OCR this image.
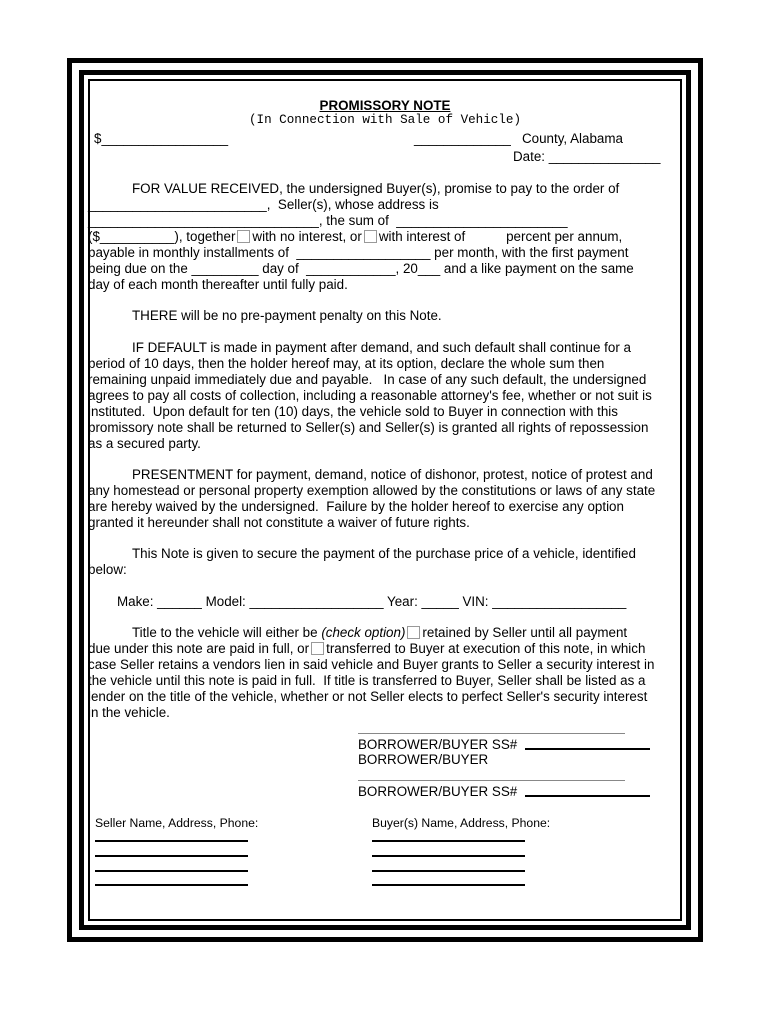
PROMISSORY NOTE
(In Connection with Sale of Vehicle)
$_________________	_____________   County, Alabama
Date: _______________
FOR VALUE RECEIVED, the undersigned Buyer(s), promise to pay to the order of
________________________,  Seller(s), whose address is
_______________________________, the sum of  _______________________
($__________), together with no interest, or with interest of           percent per annum,
payable in monthly installments of  __________________ per month, with the first payment
being due on the _________ day of  ____________, 20___ and a like payment on the same
day of each month thereafter until fully paid.
THERE will be no pre-payment penalty on this Note.
IF DEFAULT is made in payment after demand, and such default shall continue for a
period of 10 days, then the holder hereof may, at its option, declare the whole sum then
remaining unpaid immediately due and payable.   In case of any such default, the undersigned
agrees to pay all costs of collection, including a reasonable attorney's fee, whether or not suit is
instituted.  Upon default for ten (10) days, the vehicle sold to Buyer in connection with this
promissory note shall be returned to Seller(s) and Seller(s) is granted all rights of repossession
as a secured party.
PRESENTMENT for payment, demand, notice of dishonor, protest, notice of protest and
any homestead or personal property exemption allowed by the constitutions or laws of any state
are hereby waived by the undersigned.  Failure by the holder hereof to exercise any option
granted it hereunder shall not constitute a waiver of future rights.
This Note is given to secure the payment of the purchase price of a vehicle, identified
below:
Make: ______ Model: __________________ Year: _____ VIN: __________________
Title to the vehicle will either be (check option) retained by Seller until all payment
due under this note are paid in full, or transferred to Buyer at execution of this note, in which
case Seller retains a vendors lien in said vehicle and Buyer grants to Seller a security interest in
the vehicle until this note is paid in full.  If title is transferred to Buyer, Seller shall be listed as a
lender on the title of the vehicle, whether or not Seller elects to perfect Seller's security interest
in the vehicle.
BORROWER/BUYER SS#
BORROWER/BUYER
BORROWER/BUYER SS#
Seller Name, Address, Phone:	Buyer(s) Name, Address, Phone:
